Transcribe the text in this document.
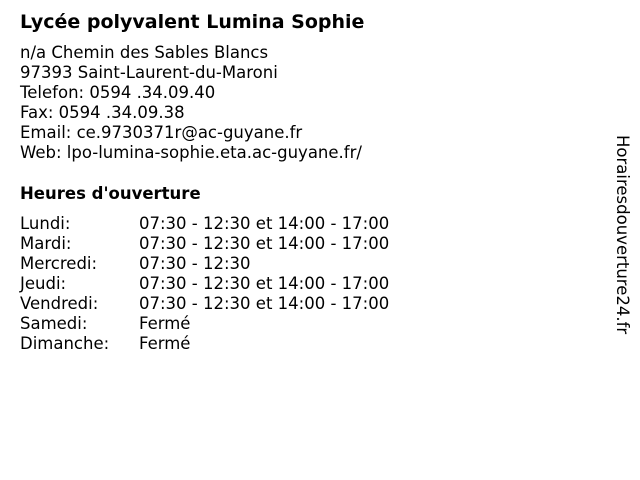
Lycée polyvalent Lumina Sophie
n/a Chemin des Sables Blancs
97393 Saint-Laurent-du-Maroni
Telefon: 0594 .34.09.40
Fax: 0594 .34.09.38
Email: ce.9730371r@ac-guyane.fr
Web: lpo-lumina-sophie.eta.ac-guyane.fr/
Heures d'ouverture
Lundi:	07:30 - 12:30 et 14:00 - 17:00
Mardi:	07:30 - 12:30 et 14:00 - 17:00
Mercredi:	07:30 - 12:30
Jeudi:	07:30 - 12:30 et 14:00 - 17:00
Vendredi: 07:30 - 12:30 et 14:00 - 17:00
Samedi:	Fermé
Dimanche: Fermé
Horairesdouverture24.fr
